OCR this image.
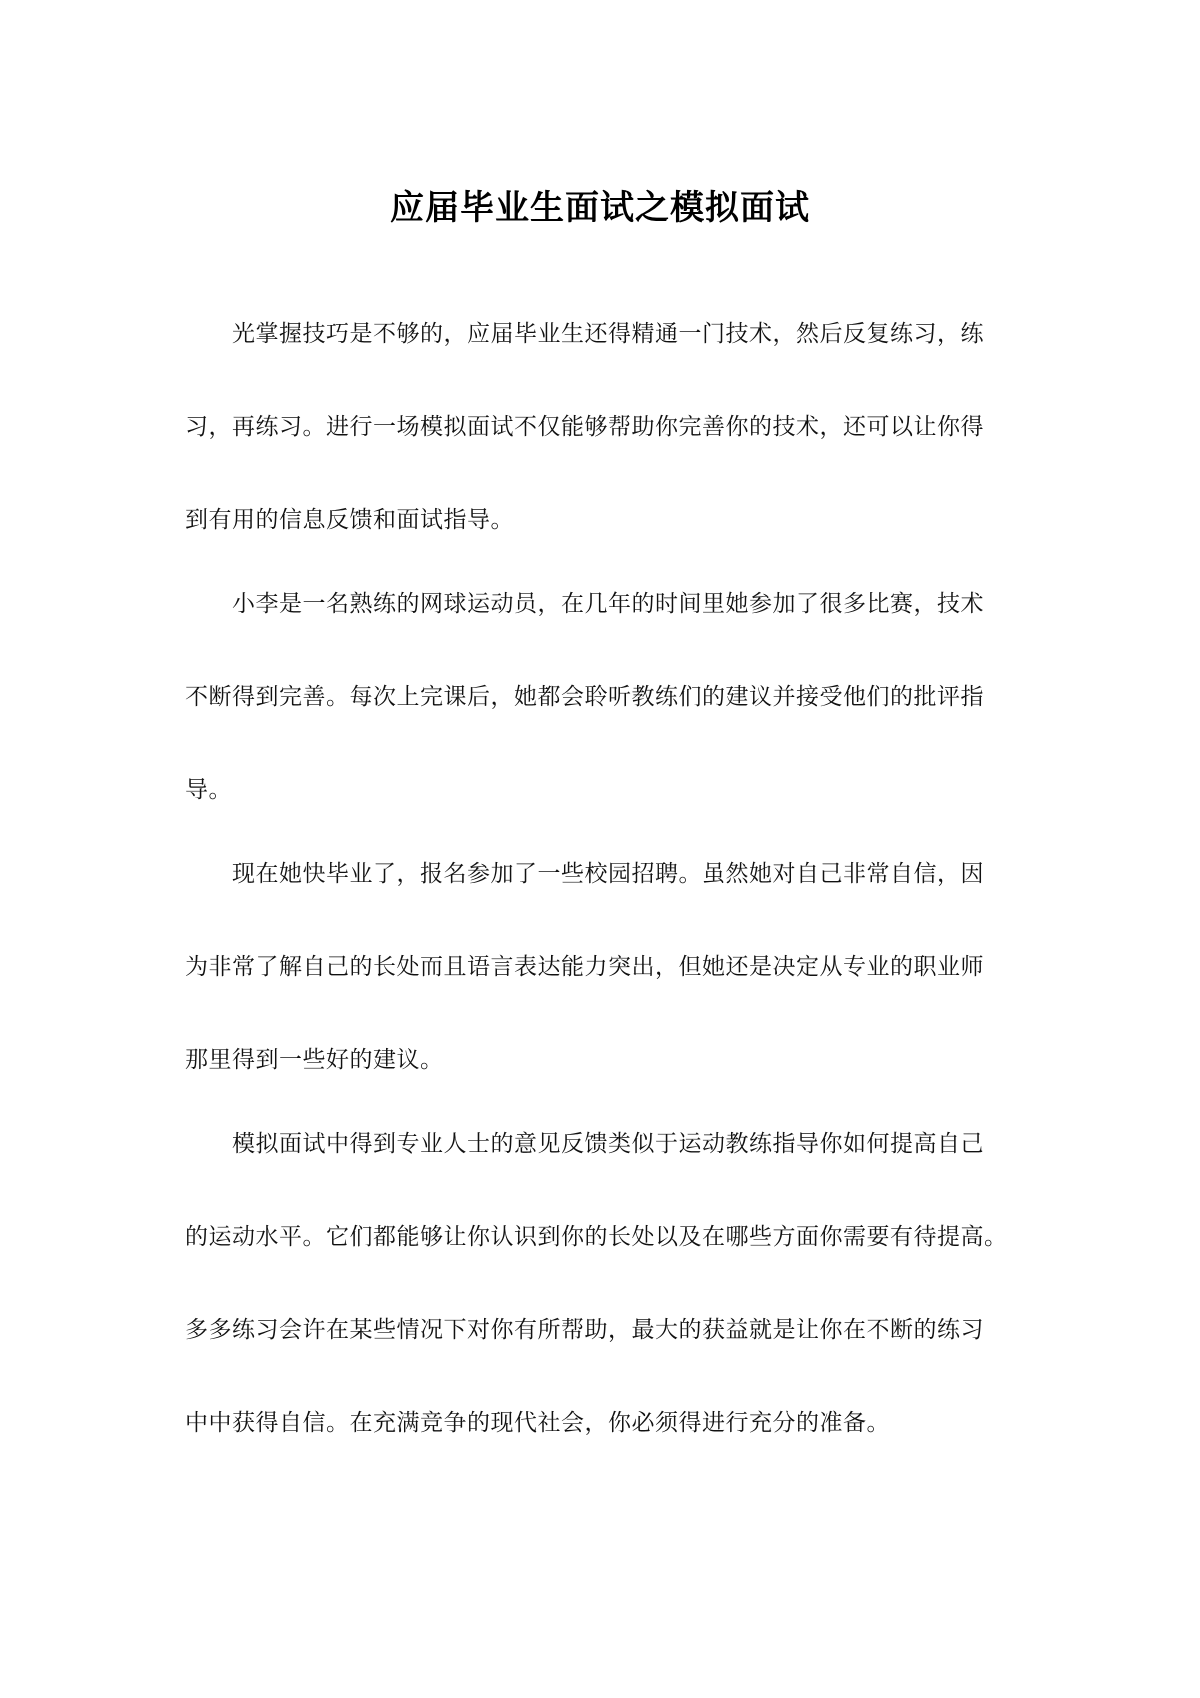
应届毕业生面试之模拟面试
光掌握技巧是不够的，应届毕业生还得精通一门技术，然后反复练习，练
习，再练习。进行一场模拟面试不仅能够帮助你完善你的技术，还可以让你得
到有用的信息反馈和面试指导。
小李是一名熟练的网球运动员，在几年的时间里她参加了很多比赛，技术
不断得到完善。每次上完课后，她都会聆听教练们的建议并接受他们的批评指
导。
现在她快毕业了，报名参加了一些校园招聘。虽然她对自己非常自信，因
为非常了解自己的长处而且语言表达能力突出，但她还是决定从专业的职业师
那里得到一些好的建议。
模拟面试中得到专业人士的意见反馈类似于运动教练指导你如何提高自己
的运动水平。它们都能够让你认识到你的长处以及在哪些方面你需要有待提高。
多多练习会许在某些情况下对你有所帮助，最大的获益就是让你在不断的练习
中中获得自信。在充满竞争的现代社会，你必须得进行充分的准备。
